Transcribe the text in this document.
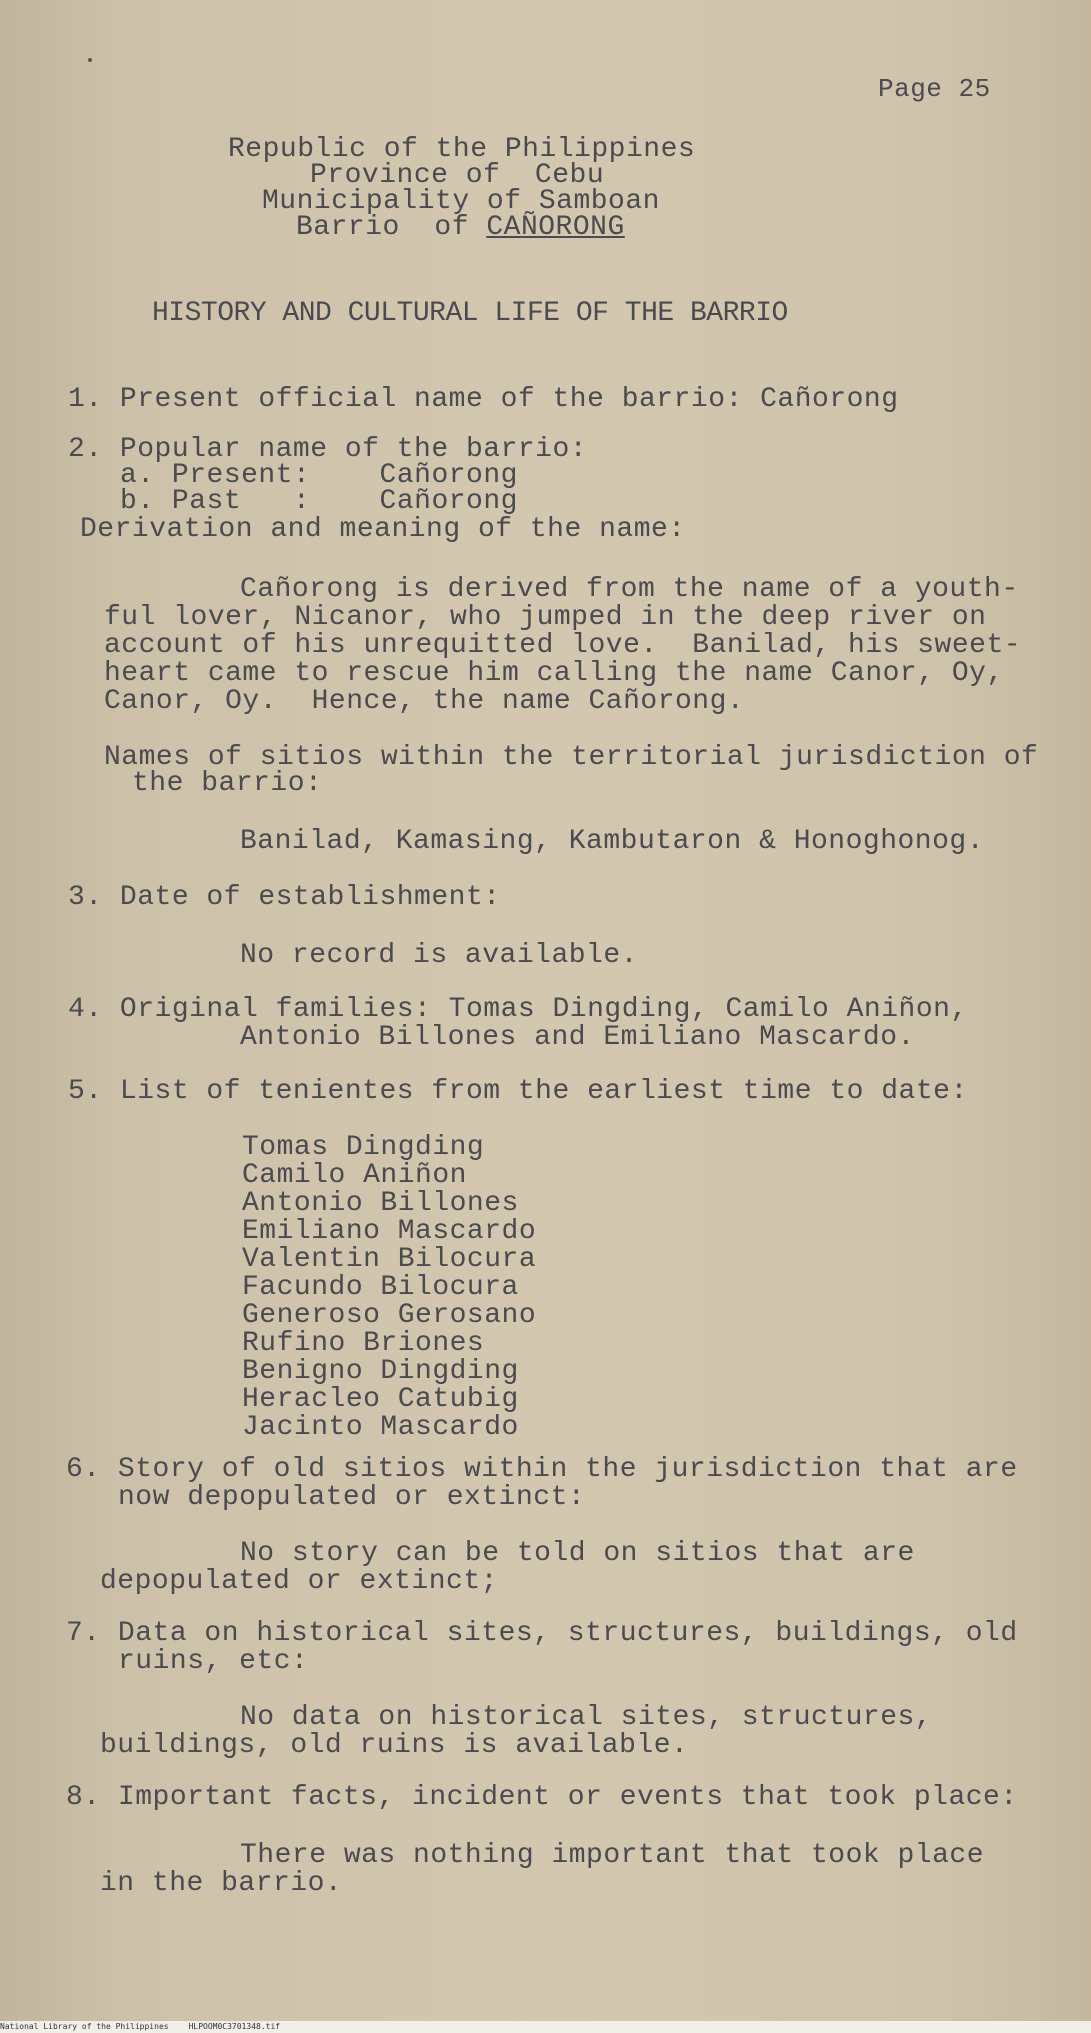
Page 25
Republic of the Philippines
Province of  Cebu
Municipality of Samboan
Barrio  of CAÑORONG
HISTORY AND CULTURAL LIFE OF THE BARRIO
1. Present official name of the barrio: Cañorong
2. Popular name of the barrio:
a. Present:    Cañorong
b. Past   :    Cañorong
Derivation and meaning of the name:
Cañorong is derived from the name of a youth-
ful lover, Nicanor, who jumped in the deep river on
account of his unrequitted love.  Banilad, his sweet-
heart came to rescue him calling the name Canor, Oy,
Canor, Oy.  Hence, the name Cañorong.
Names of sitios within the territorial jurisdiction of
the barrio:
Banilad, Kamasing, Kambutaron & Honoghonog.
3. Date of establishment:
No record is available.
4. Original families: Tomas Dingding, Camilo Aniñon,
Antonio Billones and Emiliano Mascardo.
5. List of tenientes from the earliest time to date:
Tomas Dingding
Camilo Aniñon
Antonio Billones
Emiliano Mascardo
Valentin Bilocura
Facundo Bilocura
Generoso Gerosano
Rufino Briones
Benigno Dingding
Heracleo Catubig
Jacinto Mascardo
6. Story of old sitios within the jurisdiction that are
now depopulated or extinct:
No story can be told on sitios that are
depopulated or extinct;
7. Data on historical sites, structures, buildings, old
ruins, etc:
No data on historical sites, structures,
buildings, old ruins is available.
8. Important facts, incident or events that took place:
There was nothing important that took place
in the barrio.
National Library of the Philippines	HLPOOM0C3701348.tif
